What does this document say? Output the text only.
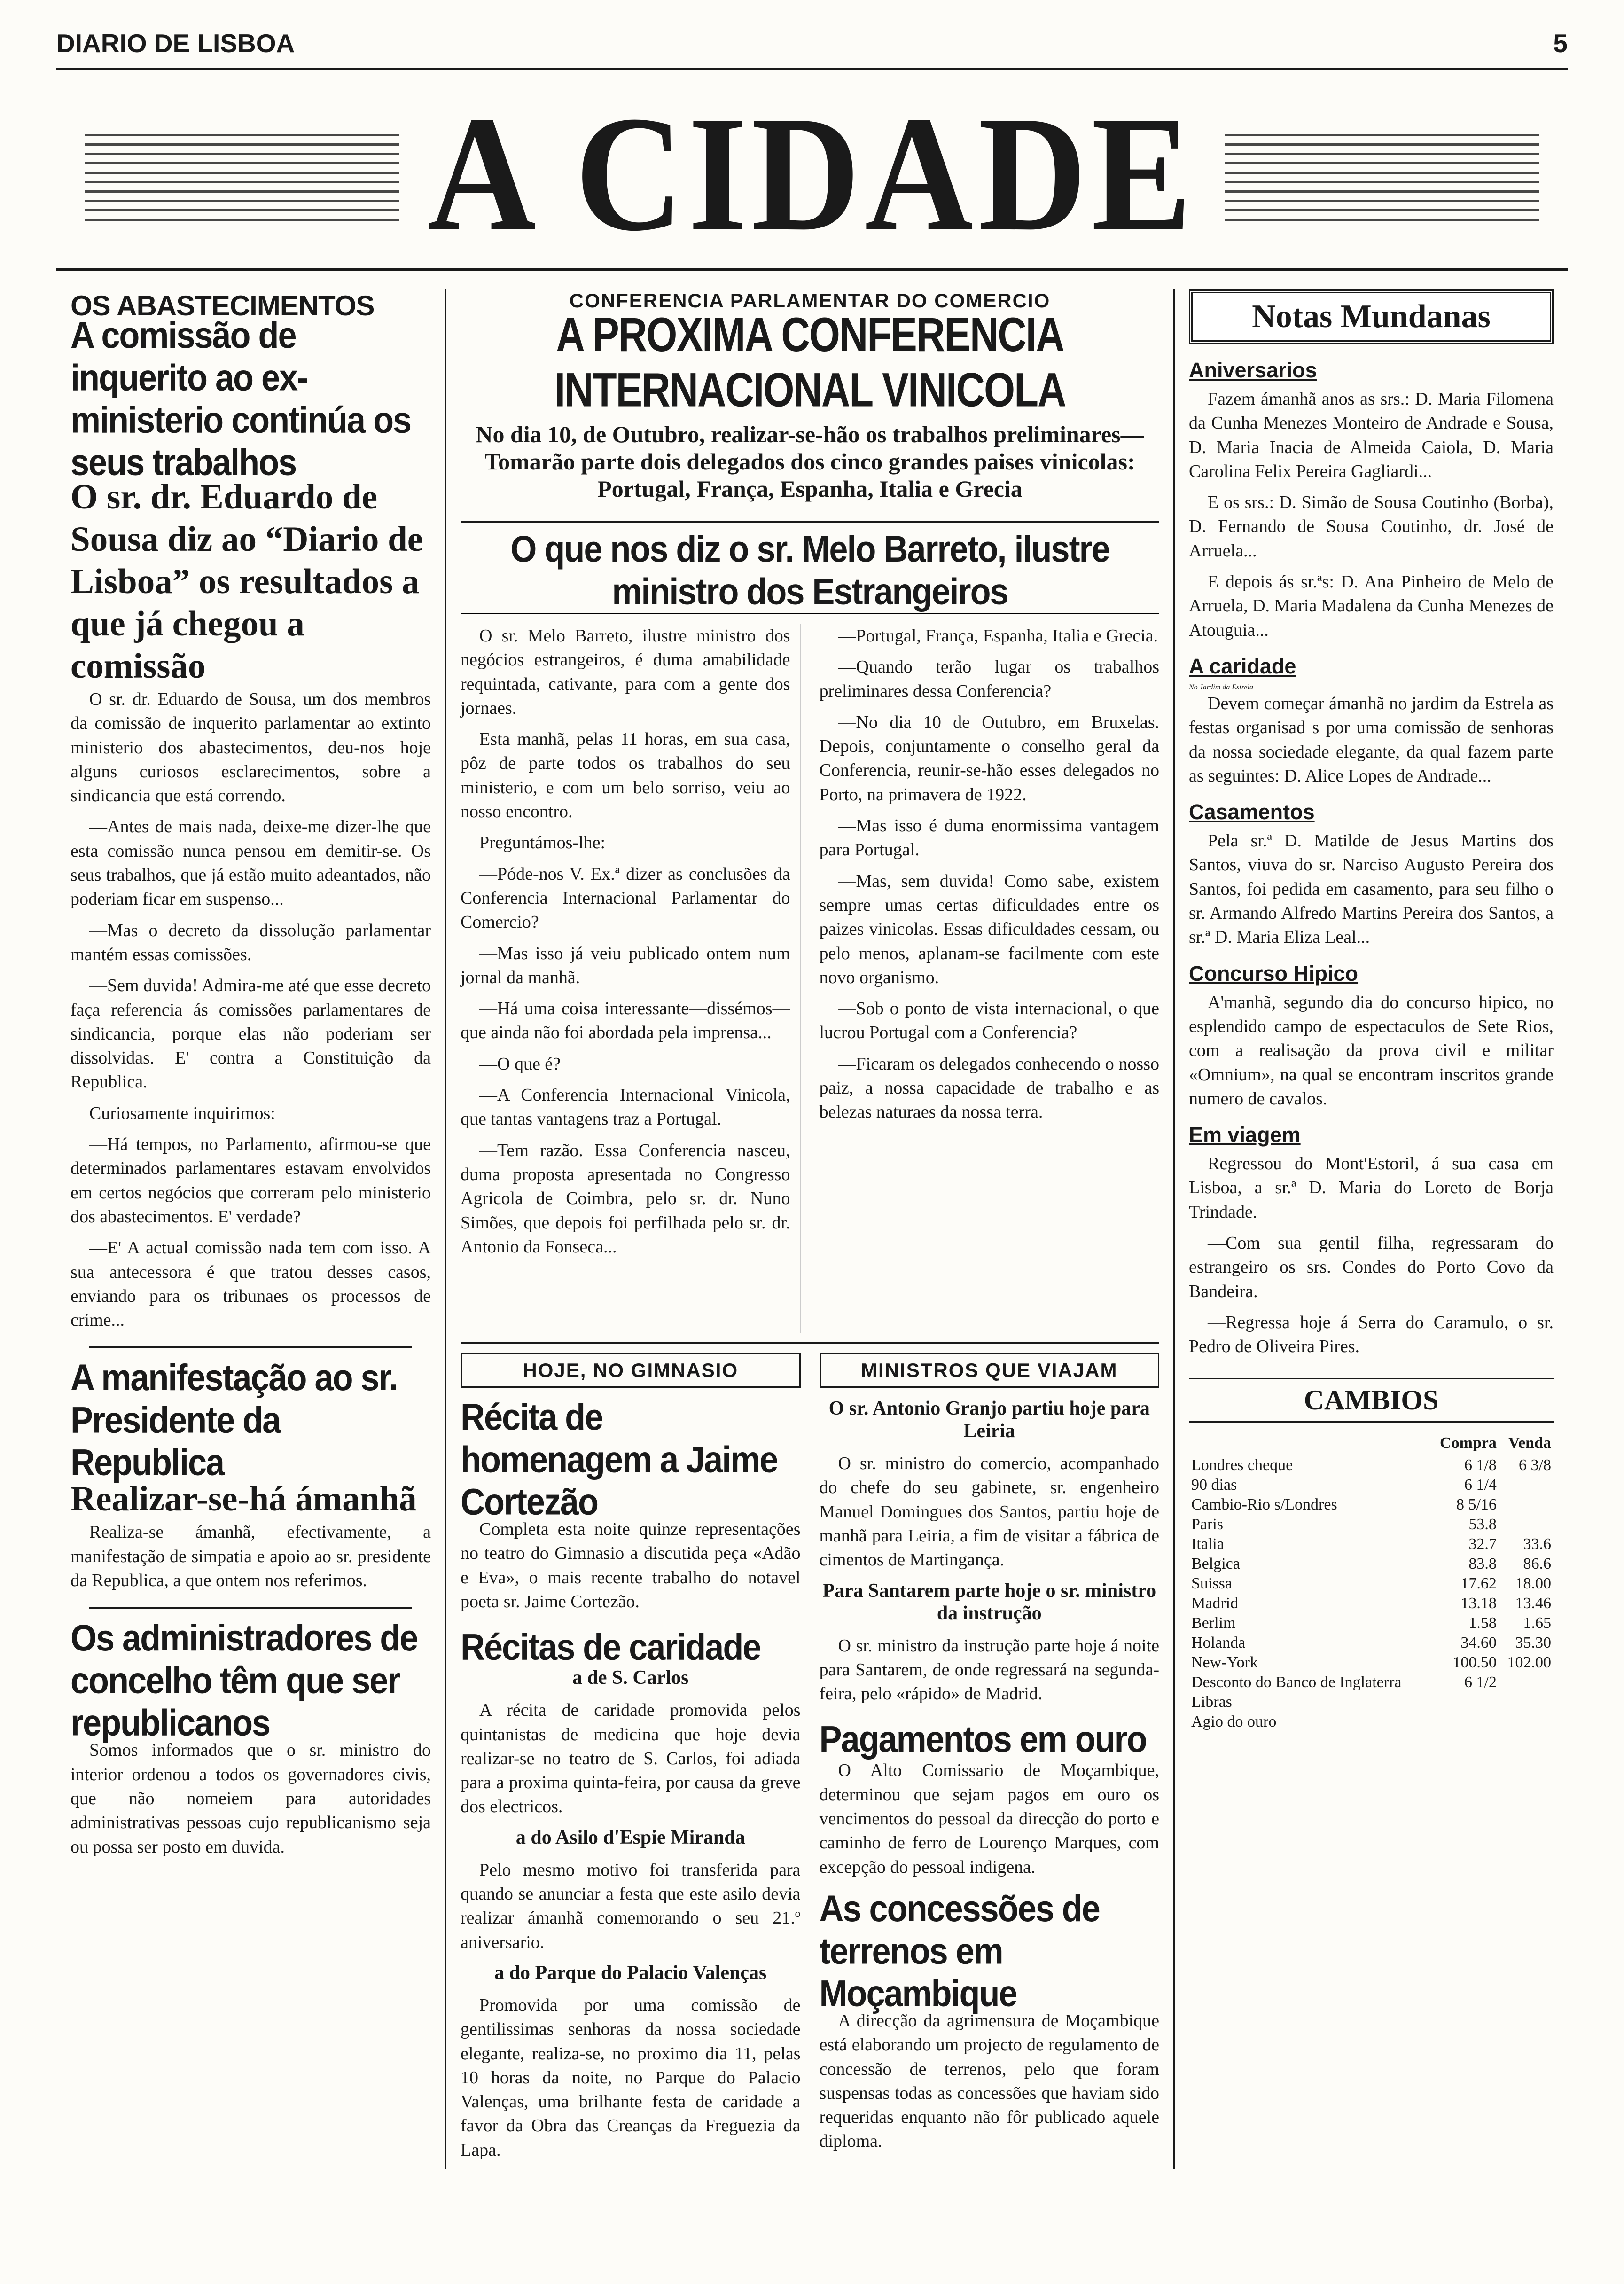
DIARIO DE LISBOA	5
A CIDADE
OS ABASTECIMENTOS
A comissão de inquerito ao ex-ministerio continúa os seus trabalhos
O sr. dr. Eduardo de Sousa diz ao “Diario de Lisboa” os resultados a que já chegou a comissão

O sr. dr. Eduardo de Sousa, um dos membros da comissão de inquerito parlamentar ao extinto ministerio dos abastecimentos, deu-nos hoje alguns curiosos esclarecimentos, sobre a sindicancia que está correndo.

—Antes de mais nada, deixe-me dizer-lhe que esta comissão nunca pensou em demitir-se. Os seus trabalhos, que já estão muito adeantados, não poderiam ficar em suspenso...

—Mas o decreto da dissolução parlamentar mantém essas comissões.

—Sem duvida! Admira-me até que esse decreto faça referencia ás comissões parlamentares de sindicancia, porque elas não poderiam ser dissolvidas. E' contra a Constituição da Republica.

Curiosamente inquirimos:

—Há tempos, no Parlamento, afirmou-se que determinados parlamentares estavam envolvidos em certos negócios que correram pelo ministerio dos abastecimentos. E' verdade?

—E' A actual comissão nada tem com isso. A sua antecessora é que tratou desses casos, enviando para os tribunaes os processos de crime...

A manifestação ao sr. Presidente da Republica
Realizar-se-há ámanhã

Realiza-se ámanhã, efectivamente, a manifestação de simpatia e apoio ao sr. presidente da Republica, a que ontem nos referimos.

Os administradores de concelho têm que ser republicanos

Somos informados que o sr. ministro do interior ordenou a todos os governadores civis, que não nomeiem para autoridades administrativas pessoas cujo republicanismo seja ou possa ser posto em duvida.

CONFERENCIA PARLAMENTAR DO COMERCIO
A PROXIMA CONFERENCIA INTERNACIONAL VINICOLA
No dia 10, de Outubro, realizar-se-hão os trabalhos preliminares—Tomarão parte dois delegados dos cinco grandes paises vinicolas: Portugal, França, Espanha, Italia e Grecia
O que nos diz o sr. Melo Barreto, ilustre ministro dos Estrangeiros

O sr. Melo Barreto, ilustre ministro dos negócios estrangeiros, é duma amabilidade requintada, cativante, para com a gente dos jornaes.

Esta manhã, pelas 11 horas, em sua casa, pôz de parte todos os trabalhos do seu ministerio, e com um belo sorriso, veiu ao nosso encontro.

Preguntámos-lhe:

—Póde-nos V. Ex.ª dizer as conclusões da Conferencia Internacional Parlamentar do Comercio?

—Mas isso já veiu publicado ontem num jornal da manhã.

—Há uma coisa interessante—dissémos—que ainda não foi abordada pela imprensa...

—O que é?

—A Conferencia Internacional Vinicola, que tantas vantagens traz a Portugal.

—Tem razão. Essa Conferencia nasceu, duma proposta apresentada no Congresso Agricola de Coimbra, pelo sr. dr. Nuno Simões, que depois foi perfilhada pelo sr. dr. Antonio da Fonseca...

—Portugal, França, Espanha, Italia e Grecia.

—Quando terão lugar os trabalhos preliminares dessa Conferencia?

—No dia 10 de Outubro, em Bruxelas. Depois, conjuntamente o conselho geral da Conferencia, reunir-se-hão esses delegados no Porto, na primavera de 1922.

—Mas isso é duma enormissima vantagem para Portugal.

—Mas, sem duvida! Como sabe, existem sempre umas certas dificuldades entre os paizes vinicolas. Essas dificuldades cessam, ou pelo menos, aplanam-se facilmente com este novo organismo.

—Sob o ponto de vista internacional, o que lucrou Portugal com a Conferencia?

—Ficaram os delegados conhecendo o nosso paiz, a nossa capacidade de trabalho e as belezas naturaes da nossa terra.

HOJE, NO GIMNASIO
Récita de homenagem a Jaime Cortezão

Completa esta noite quinze representações no teatro do Gimnasio a discutida peça «Adão e Eva», o mais recente trabalho do notavel poeta sr. Jaime Cortezão.

Récitas de caridade
a de S. Carlos

A récita de caridade promovida pelos quintanistas de medicina que hoje devia realizar-se no teatro de S. Carlos, foi adiada para a proxima quinta-feira, por causa da greve dos electricos.

a do Asilo d'Espie Miranda

Pelo mesmo motivo foi transferida para quando se anunciar a festa que este asilo devia realizar ámanhã comemorando o seu 21.º aniversario.

a do Parque do Palacio Valenças

Promovida por uma comissão de gentilissimas senhoras da nossa sociedade elegante, realiza-se, no proximo dia 11, pelas 10 horas da noite, no Parque do Palacio Valenças, uma brilhante festa de caridade a favor da Obra das Creanças da Freguezia da Lapa.

MINISTROS QUE VIAJAM
O sr. Antonio Granjo partiu hoje para Leiria

O sr. ministro do comercio, acompanhado do chefe do seu gabinete, sr. engenheiro Manuel Domingues dos Santos, partiu hoje de manhã para Leiria, a fim de visitar a fábrica de cimentos de Martingança.

Para Santarem parte hoje o sr. ministro da instrução

O sr. ministro da instrução parte hoje á noite para Santarem, de onde regressará na segunda-feira, pelo «rápido» de Madrid.

Pagamentos em ouro

O Alto Comissario de Moçambique, determinou que sejam pagos em ouro os vencimentos do pessoal da direcção do porto e caminho de ferro de Lourenço Marques, com excepção do pessoal indigena.

As concessões de terrenos em Moçambique

A direcção da agrimensura de Moçambique está elaborando um projecto de regulamento de concessão de terrenos, pelo que foram suspensas todas as concessões que haviam sido requeridas enquanto não fôr publicado aquele diploma.

Notas Mundanas
Aniversarios

Fazem ámanhã anos as srs.: D. Maria Filomena da Cunha Menezes Monteiro de Andrade e Sousa, D. Maria Inacia de Almeida Caiola, D. Maria Carolina Felix Pereira Gagliardi...

E os srs.: D. Simão de Sousa Coutinho (Borba), D. Fernando de Sousa Coutinho, dr. José de Arruela...

E depois ás sr.ªs: D. Ana Pinheiro de Melo de Arruela, D. Maria Madalena da Cunha Menezes de Atouguia...

A caridade
No Jardim da Estrela

Devem começar ámanhã no jardim da Estrela as festas organisad s por uma comissão de senhoras da nossa sociedade elegante, da qual fazem parte as seguintes: D. Alice Lopes de Andrade...

Casamentos

Pela sr.ª D. Matilde de Jesus Martins dos Santos, viuva do sr. Narciso Augusto Pereira dos Santos, foi pedida em casamento, para seu filho o sr. Armando Alfredo Martins Pereira dos Santos, a sr.ª D. Maria Eliza Leal...

Concurso Hipico

A'manhã, segundo dia do concurso hipico, no esplendido campo de espectaculos de Sete Rios, com a realisação da prova civil e militar «Omnium», na qual se encontram inscritos grande numero de cavalos.

Em viagem

Regressou do Mont'Estoril, á sua casa em Lisboa, a sr.ª D. Maria do Loreto de Borja Trindade.

—Com sua gentil filha, regressaram do estrangeiro os srs. Condes do Porto Covo da Bandeira.

—Regressa hoje á Serra do Caramulo, o sr. Pedro de Oliveira Pires.

CAMBIOS
	Compra	Venda
Londres cheque	6 1/8	6 3/8
90 dias	6 1/4	
Cambio-Rio s/Londres	8 5/16	
Paris	53.8	
Italia	32.7	33.6
Belgica	83.8	86.6
Suissa	17.62	18.00
Madrid	13.18	13.46
Berlim	1.58	1.65
Holanda	34.60	35.30
New-York	100.50	102.00
Desconto do Banco de Inglaterra	6 1/2	
Libras		
Agio do ouro		
